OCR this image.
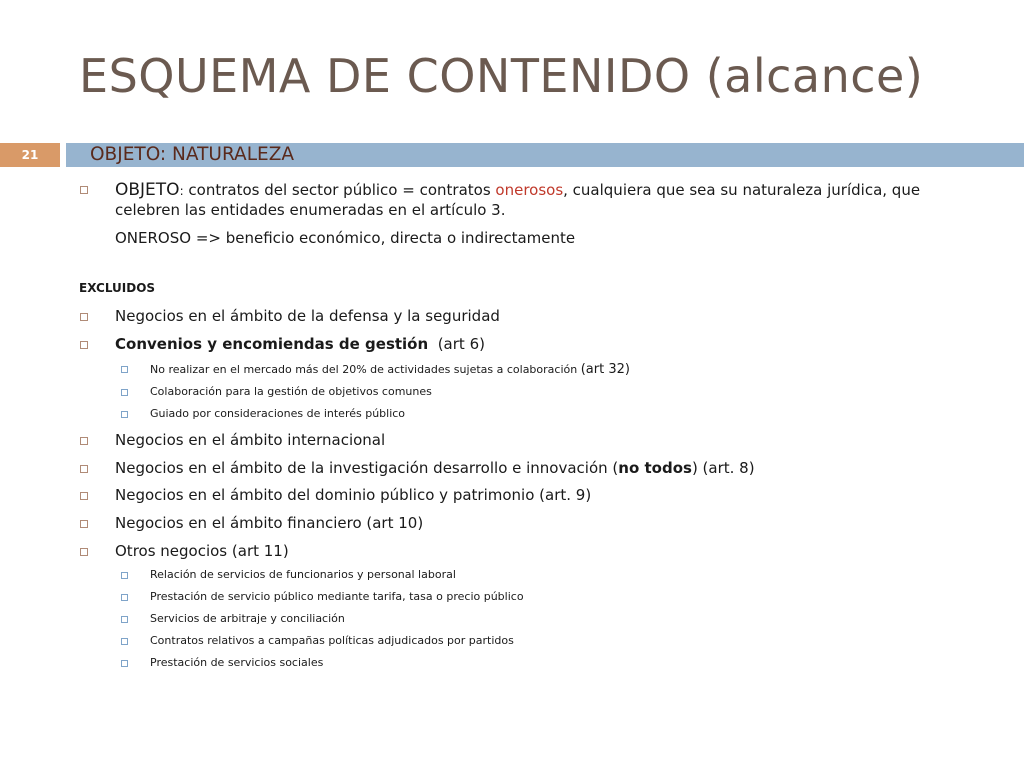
ESQUEMA DE CONTENIDO (alcance)
21	OBJETO: NATURALEZA
OBJETO: contratos del sector público = contratos onerosos, cualquiera que sea su naturaleza jurídica, que
celebren las entidades enumeradas en el artículo 3.
ONEROSO => beneficio económico, directa o indirectamente
EXCLUIDOS
Negocios en el ámbito de la defensa y la seguridad
Convenios y encomiendas de gestión  (art 6)
No realizar en el mercado más del 20% de actividades sujetas a colaboración (art 32)
Colaboración para la gestión de objetivos comunes
Guiado por consideraciones de interés público
Negocios en el ámbito internacional
Negocios en el ámbito de la investigación desarrollo e innovación (no todos) (art. 8)
Negocios en el ámbito del dominio público y patrimonio (art. 9)
Negocios en el ámbito financiero (art 10)
Otros negocios (art 11)
Relación de servicios de funcionarios y personal laboral
Prestación de servicio público mediante tarifa, tasa o precio público
Servicios de arbitraje y conciliación
Contratos relativos a campañas políticas adjudicados por partidos
Prestación de servicios sociales
